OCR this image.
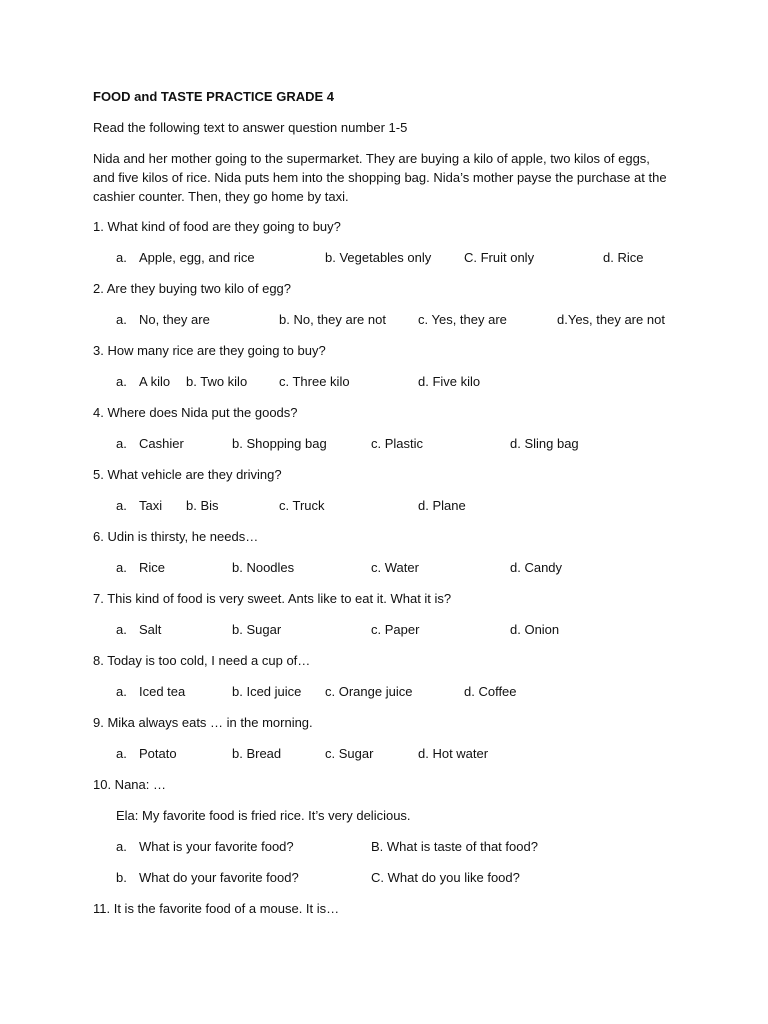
FOOD and TASTE PRACTICE GRADE 4
Read the following text to answer question number 1-5
Nida and her mother going to the supermarket. They are buying a kilo of apple, two kilos of eggs,
and five kilos of rice. Nida puts hem into the shopping bag. Nida’s mother payse the purchase at the
cashier counter. Then, they go home by taxi.
1. What kind of food are they going to buy?
a. Apple, egg, and rice	b. Vegetables only	C. Fruit only	d. Rice
2. Are they buying two kilo of egg?
a. No, they are	b. No, they are not c. Yes, they are	d.Yes, they are not
3. How many rice are they going to buy?
a. A kilo b. Two kilo c. Three kilo	d. Five kilo
4. Where does Nida put the goods?
a. Cashier	b. Shopping bag	c. Plastic	d. Sling bag
5. What vehicle are they driving?
a. Taxi b. Bis	c. Truck	d. Plane
6. Udin is thirsty, he needs…
a. Rice	b. Noodles	c. Water	d. Candy
7. This kind of food is very sweet. Ants like to eat it. What it is?
a. Salt	b. Sugar	c. Paper	d. Onion
8. Today is too cold, I need a cup of…
a. Iced tea	b. Iced juice c. Orange juice	d. Coffee
9. Mika always eats … in the morning.
a. Potato	b. Bread	c. Sugar	d. Hot water
10. Nana: …
Ela: My favorite food is fried rice. It’s very delicious.
a. What is your favorite food?	B. What is taste of that food?
b. What do your favorite food?	C. What do you like food?
11. It is the favorite food of a mouse. It is…
